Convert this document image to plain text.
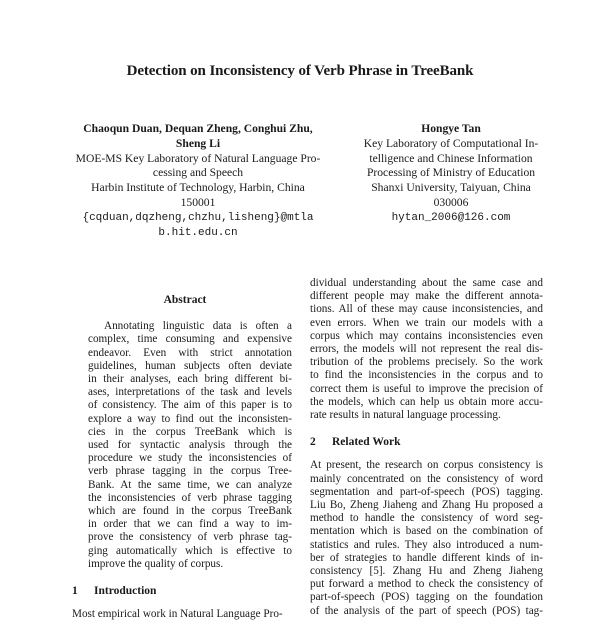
Detection on Inconsistency of Verb Phrase in TreeBank
Chaoqun Duan, Dequan Zheng, Conghui Zhu,
Sheng Li
MOE-MS Key Laboratory of Natural Language Pro-
cessing and Speech
Harbin Institute of Technology, Harbin, China
150001
{cqduan,dqzheng,chzhu,lisheng}@mtla
b.hit.edu.cn
Hongye Tan
Key Laboratory of Computational In-
telligence and Chinese Information
Processing of Ministry of Education
Shanxi University, Taiyuan, China
030006
hytan_2006@126.com
Abstract
Annotating linguistic data is often a
complex, time consuming and expensive
endeavor. Even with strict annotation
guidelines, human subjects often deviate
in their analyses, each bring different bi-
ases, interpretations of the task and levels
of consistency. The aim of this paper is to
explore a way to find out the inconsisten-
cies in the corpus TreeBank which is
used for syntactic analysis through the
procedure we study the inconsistencies of
verb phrase tagging in the corpus Tree-
Bank. At the same time, we can analyze
the inconsistencies of verb phrase tagging
which are found in the corpus TreeBank
in order that we can find a way to im-
prove the consistency of verb phrase tag-
ging automatically which is effective to
improve the quality of corpus.
1 Introduction
Most empirical work in Natural Language Pro-
dividual understanding about the same case and
different people may make the different annota-
tions. All of these may cause inconsistencies, and
even errors. When we train our models with a
corpus which may contains inconsistencies even
errors, the models will not represent the real dis-
tribution of the problems precisely. So the work
to find the inconsistencies in the corpus and to
correct them is useful to improve the precision of
the models, which can help us obtain more accu-
rate results in natural language processing.
2 Related Work
At present, the research on corpus consistency is
mainly concentrated on the consistency of word
segmentation and part-of-speech (POS) tagging.
Liu Bo, Zheng Jiaheng and Zhang Hu proposed a
method to handle the consistency of word seg-
mentation which is based on the combination of
statistics and rules. They also introduced a num-
ber of strategies to handle different kinds of in-
consistency [5]. Zhang Hu and Zheng Jiaheng
put forward a method to check the consistency of
part-of-speech (POS) tagging on the foundation
of the analysis of the part of speech (POS) tag-
